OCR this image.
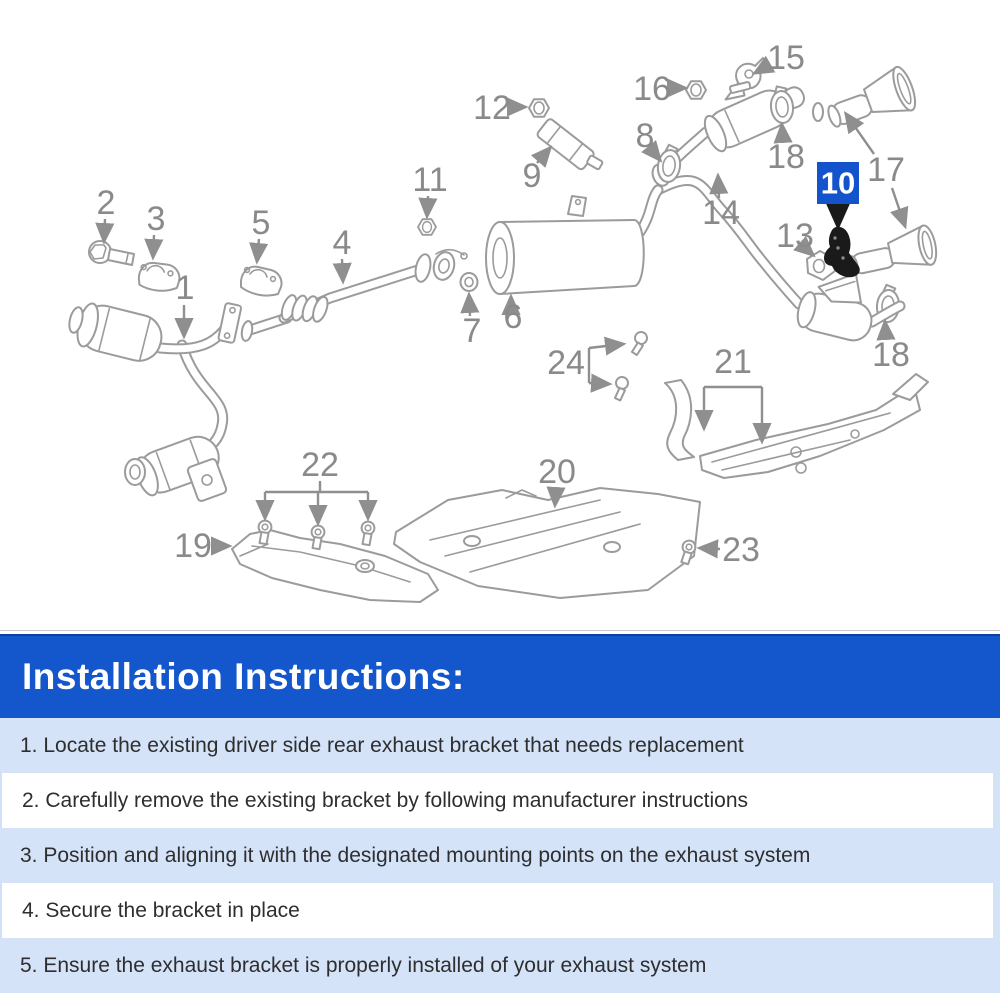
1
2 3
4
5
6
7
8
9	10
11
12
13
14
15
16
17
18
18
19
20
21
22
23
24
Installation Instructions:
1. Locate the existing driver side rear exhaust bracket that needs replacement
2. Carefully remove the existing bracket by following manufacturer instructions
3. Position and aligning it with the designated mounting points on the exhaust system
4. Secure the bracket in place
5. Ensure the exhaust bracket is properly installed of your exhaust system
